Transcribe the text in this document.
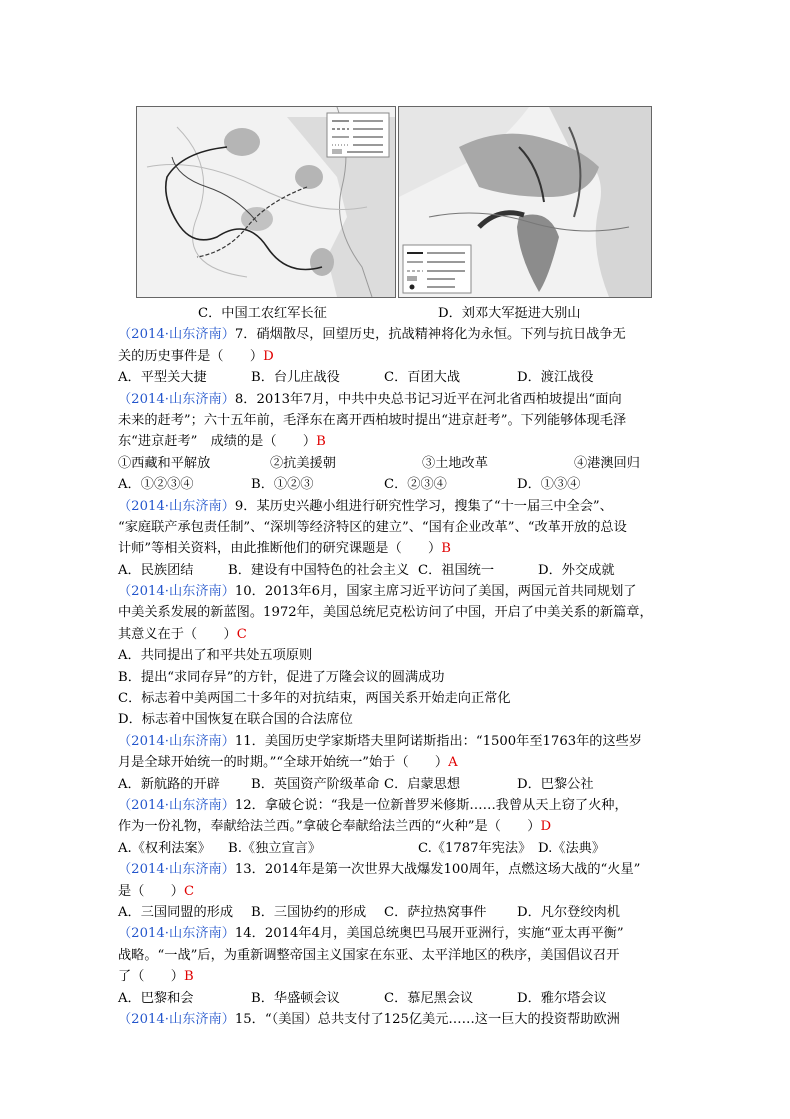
C．中国工农红军长征	D．刘邓大军挺进大别山
（2014·山东济南）7．硝烟散尽，回望历史，抗战精神将化为永恒。下列与抗日战争无
关的历史事件是（　　）D
A．平型关大捷	B．台儿庄战役	C．百团大战	D．渡江战役
（2014·山东济南）8．2013年7月，中共中央总书记习近平在河北省西柏坡提出“面向
未来的赶考”；六十五年前，毛泽东在离开西柏坡时提出“进京赶考”。下列能够体现毛泽
东“进京赶考”　成绩的是（　　）B
①西藏和平解放	②抗美援朝	③土地改革	④港澳回归
A．①②③④	B．①②③	C．②③④	D．①③④
（2014·山东济南）9．某历史兴趣小组进行研究性学习，搜集了“十一届三中全会”、
“家庭联产承包责任制”、“深圳等经济特区的建立”、“国有企业改革”、“改革开放的总设
计师”等相关资料，由此推断他们的研究课题是（　　）B
A．民族团结	B．建设有中国特色的社会主义 C．祖国统一	D．外交成就
（2014·山东济南）10．2013年6月，国家主席习近平访问了美国，两国元首共同规划了
中美关系发展的新蓝图。1972年，美国总统尼克松访问了中国，开启了中美关系的新篇章，
其意义在于（　　）C
A．共同提出了和平共处五项原则
B．提出“求同存异”的方针，促进了万隆会议的圆满成功
C．标志着中美两国二十多年的对抗结束，两国关系开始走向正常化
D．标志着中国恢复在联合国的合法席位
（2014·山东济南）11．美国历史学家斯塔夫里阿诺斯指出：“1500年至1763年的这些岁
月是全球开始统一的时期。”“全球开始统一”始于（　　）A
A．新航路的开辟 B．英国资产阶级革命 C．启蒙思想	D．巴黎公社
（2014·山东济南）12．拿破仑说：“我是一位新普罗米修斯……我曾从天上窃了火种，
作为一份礼物，奉献给法兰西。”拿破仑奉献给法兰西的“火种”是（　　）D
A.《权利法案》 B.《独立宣言》	C.《1787年宪法》 D.《法典》
（2014·山东济南）13．2014年是第一次世界大战爆发100周年，点燃这场大战的“火星”
是（　　）C
A．三国同盟的形成 B．三国协约的形成 C．萨拉热窝事件 D．凡尔登绞肉机
（2014·山东济南）14．2014年4月，美国总统奥巴马展开亚洲行，实施“亚太再平衡”
战略。“一战”后，为重新调整帝国主义国家在东亚、太平洋地区的秩序，美国倡议召开
了（　　）B
A．巴黎和会	B．华盛顿会议	C．慕尼黑会议	D．雅尔塔会议
（2014·山东济南）15．“（美国）总共支付了125亿美元……这一巨大的投资帮助欧洲
